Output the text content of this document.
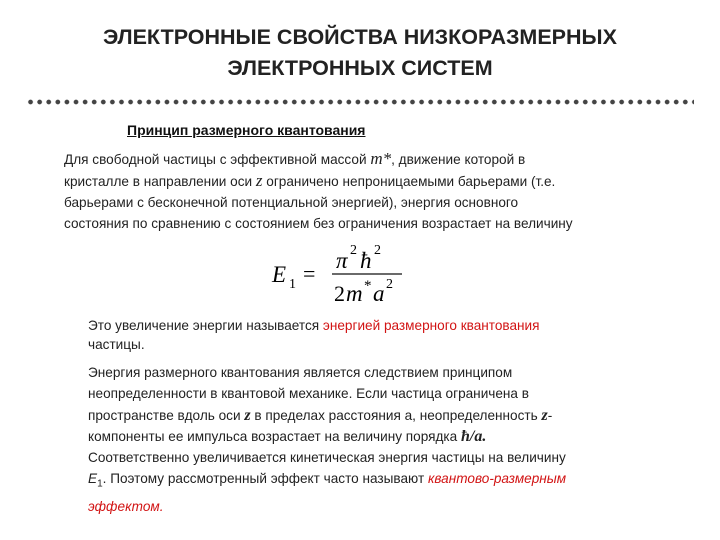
ЭЛЕКТРОННЫЕ СВОЙСТВА НИЗКОРАЗМЕРНЫХ
ЭЛЕКТРОННЫХ СИСТЕМ
Принцип размерного квантования
Для свободной частицы с эффективной массой m*, движение которой в
кристалле в направлении оси z ограничено непроницаемыми барьерами (т.е.
барьерами с бесконечной потенциальной энергией), энергия основного
состояния по сравнению с состоянием без ограничения возрастает на величину
E 1 =
π 2 ħ 2
2 m * a 2
Это увеличение энергии называется энергией размерного квантования
частицы.
Энергия размерного квантования является следствием принципом
неопределенности в квантовой механике. Если частица ограничена в
пространстве вдоль оси z в пределах расстояния а, неопределенность z-
компоненты ее импульса возрастает на величину порядка ħ/a.
Соответственно увеличивается кинетическая энергия частицы на величину
$E_1$. Поэтому рассмотренный эффект часто называют квантово-размерным
эффектом.
